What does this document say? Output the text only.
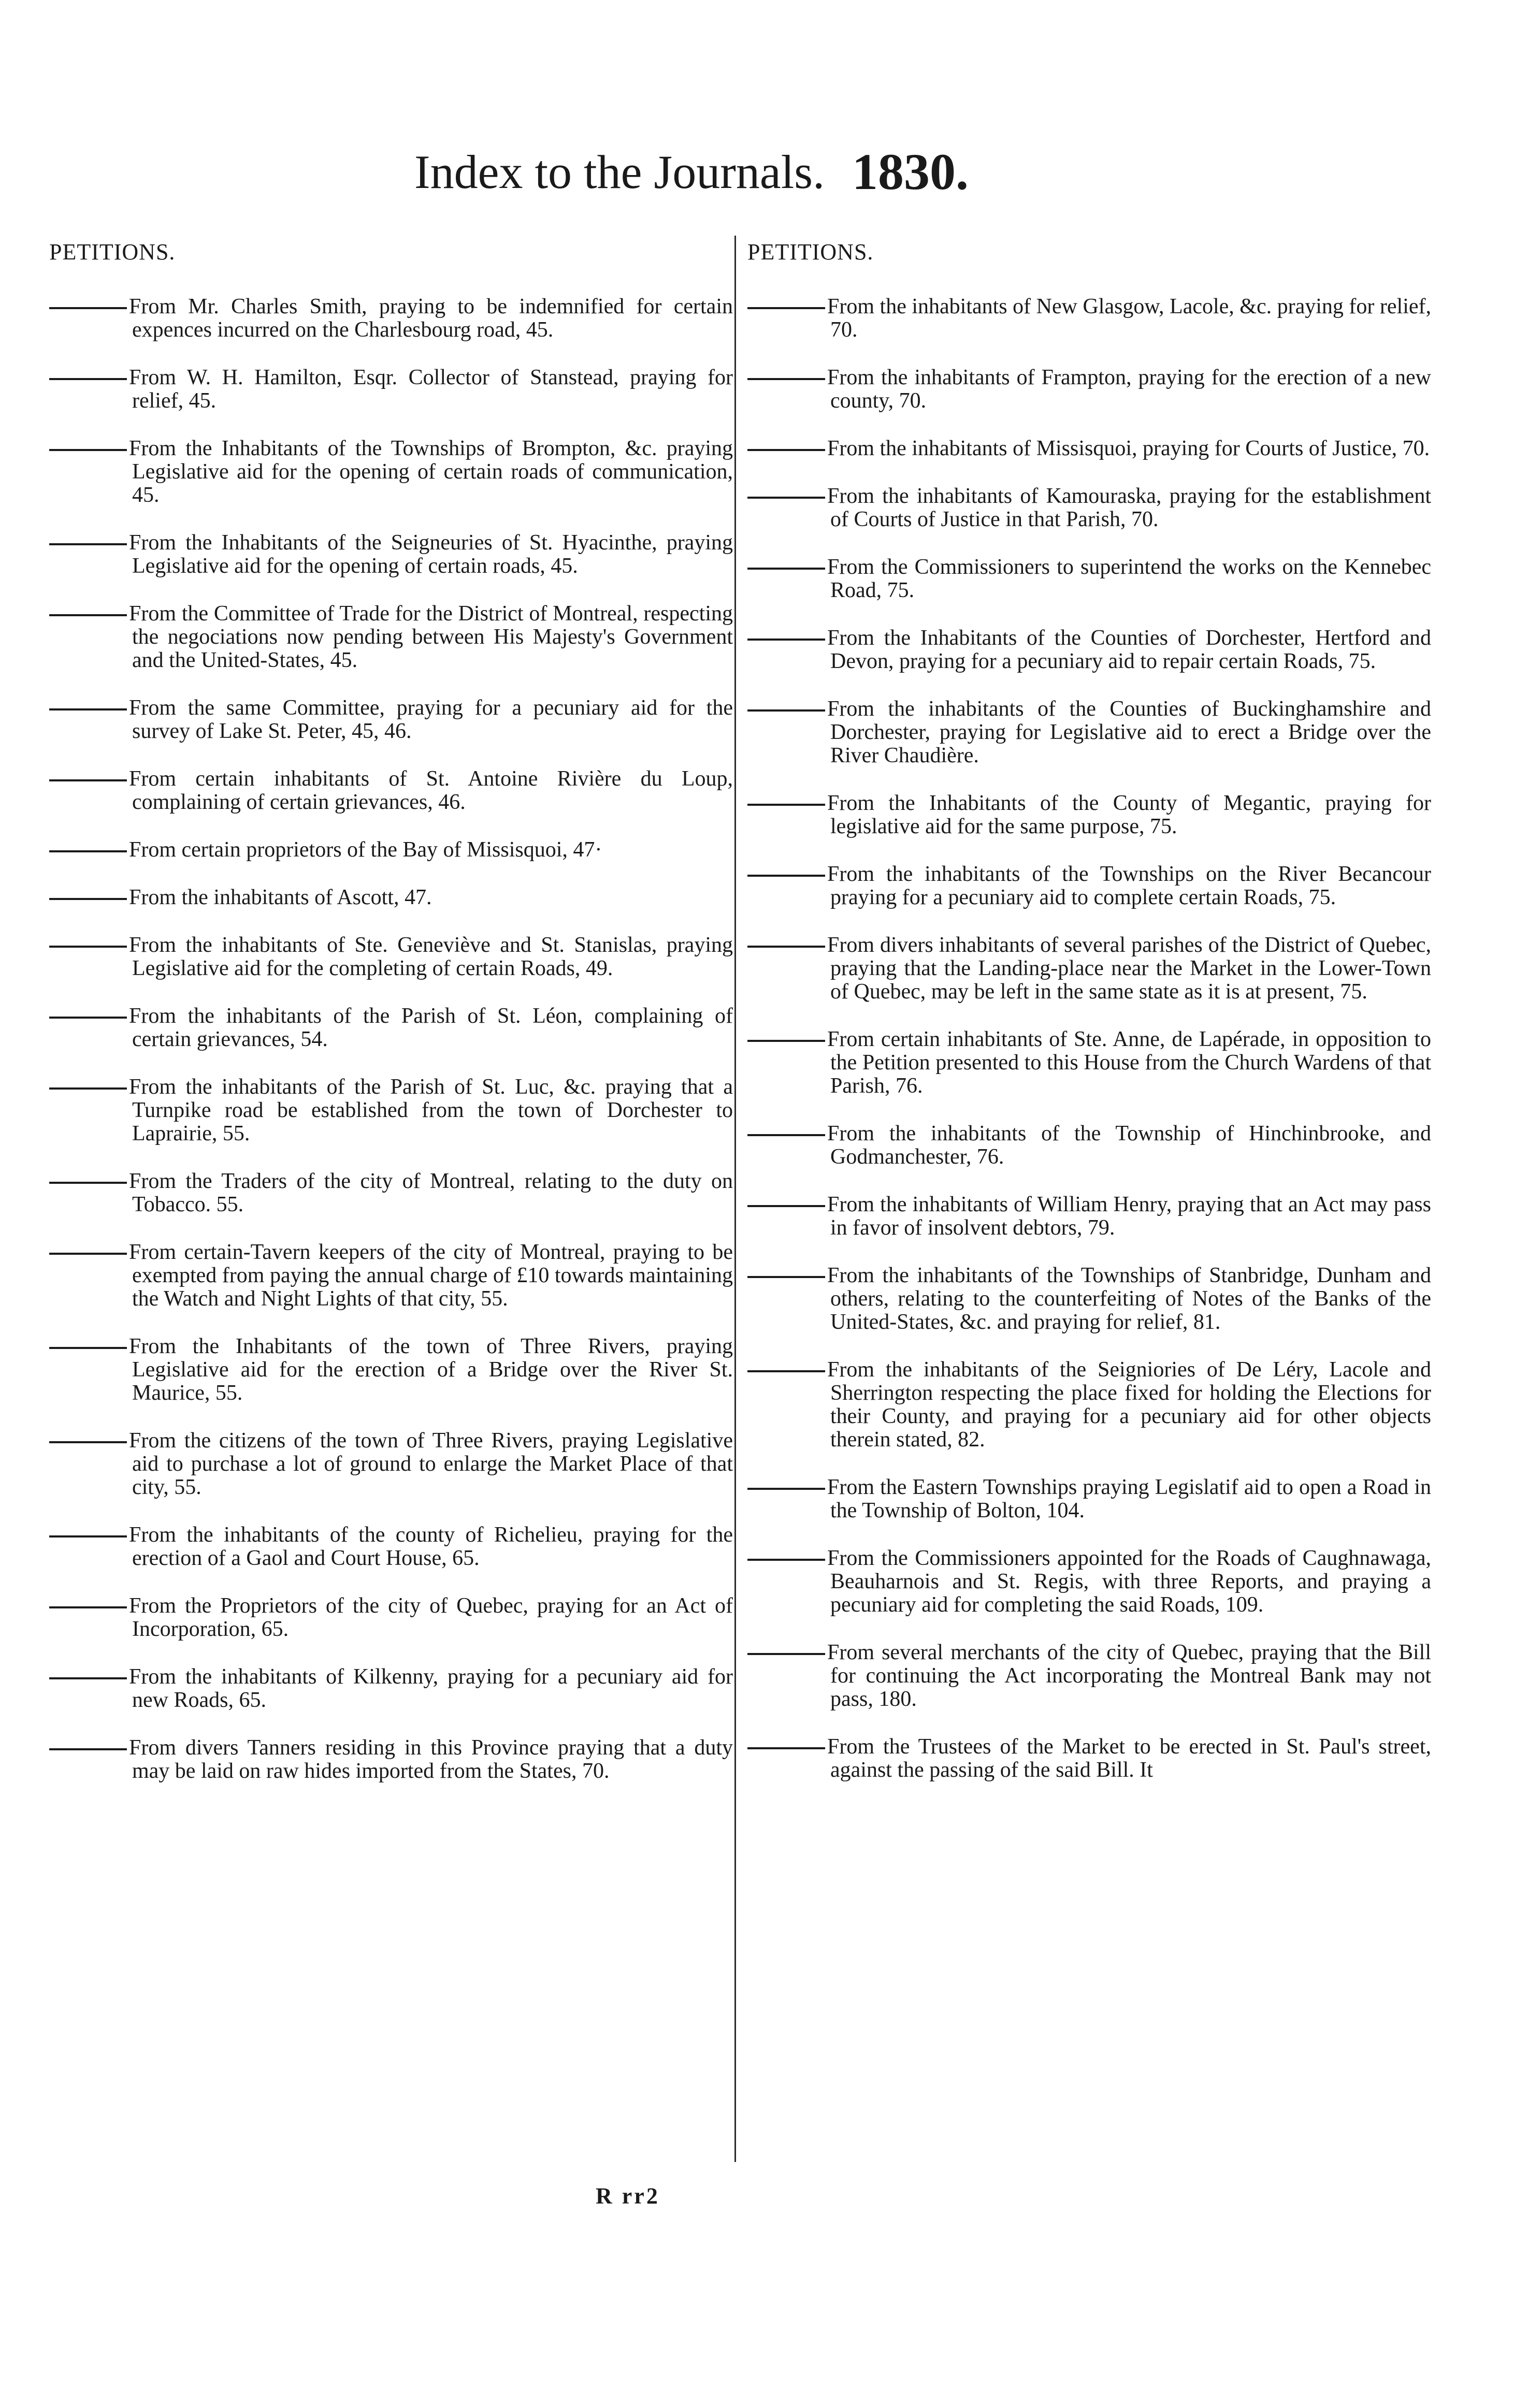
Index to the Journals. 1830.
PETITIONS.
From Mr. Charles Smith, praying to be indemnified for certain expences incurred on the Charlesbourg road, 45.
From W. H. Hamilton, Esqr. Collector of Stanstead, praying for relief, 45.
From the Inhabitants of the Townships of Brompton, &c. praying Legislative aid for the opening of certain roads of communication, 45.
From the Inhabitants of the Seigneuries of St. Hyacinthe, praying Legislative aid for the opening of certain roads, 45.
From the Committee of Trade for the District of Montreal, respecting the negociations now pending between His Majesty's Government and the United-States, 45.
From the same Committee, praying for a pecuniary aid for the survey of Lake St. Peter, 45, 46.
From certain inhabitants of St. Antoine Rivière du Loup, complaining of certain grievances, 46.
From certain proprietors of the Bay of Missisquoi, 47·
From the inhabitants of Ascott, 47.
From the inhabitants of Ste. Geneviève and St. Stanislas, praying Legislative aid for the completing of certain Roads, 49.
From the inhabitants of the Parish of St. Léon, complaining of certain grievances, 54.
From the inhabitants of the Parish of St. Luc, &c. praying that a Turnpike road be established from the town of Dorchester to Laprairie, 55.
From the Traders of the city of Montreal, relating to the duty on Tobacco. 55.
From certain-Tavern keepers of the city of Montreal, praying to be exempted from paying the annual charge of £10 towards maintaining the Watch and Night Lights of that city, 55.
From the Inhabitants of the town of Three Rivers, praying Legislative aid for the erection of a Bridge over the River St. Maurice, 55.
From the citizens of the town of Three Rivers, praying Legislative aid to purchase a lot of ground to enlarge the Market Place of that city, 55.
From the inhabitants of the county of Richelieu, praying for the erection of a Gaol and Court House, 65.
From the Proprietors of the city of Quebec, praying for an Act of Incorporation, 65.
From the inhabitants of Kilkenny, praying for a pecuniary aid for new Roads, 65.
From divers Tanners residing in this Province praying that a duty may be laid on raw hides imported from the States, 70.
PETITIONS.
From the inhabitants of New Glasgow, Lacole, &c. praying for relief, 70.
From the inhabitants of Frampton, praying for the erection of a new county, 70.
From the inhabitants of Missisquoi, praying for Courts of Justice, 70.
From the inhabitants of Kamouraska, praying for the establishment of Courts of Justice in that Parish, 70.
From the Commissioners to superintend the works on the Kennebec Road, 75.
From the Inhabitants of the Counties of Dorchester, Hertford and Devon, praying for a pecuniary aid to repair certain Roads, 75.
From the inhabitants of the Counties of Buckinghamshire and Dorchester, praying for Legislative aid to erect a Bridge over the River Chaudière.
From the Inhabitants of the County of Megantic, praying for legislative aid for the same purpose, 75.
From the inhabitants of the Townships on the River Becancour praying for a pecuniary aid to complete certain Roads, 75.
From divers inhabitants of several parishes of the District of Quebec, praying that the Landing-place near the Market in the Lower-Town of Quebec, may be left in the same state as it is at present, 75.
From certain inhabitants of Ste. Anne, de Lapérade, in opposition to the Petition presented to this House from the Church Wardens of that Parish, 76.
From the inhabitants of the Township of Hinchinbrooke, and Godmanchester, 76.
From the inhabitants of William Henry, praying that an Act may pass in favor of insolvent debtors, 79.
From the inhabitants of the Townships of Stanbridge, Dunham and others, relating to the counterfeiting of Notes of the Banks of the United-States, &c. and praying for relief, 81.
From the inhabitants of the Seigniories of De Léry, Lacole and Sherrington respecting the place fixed for holding the Elections for their County, and praying for a pecuniary aid for other objects therein stated, 82.
From the Eastern Townships praying Legislatif aid to open a Road in the Township of Bolton, 104.
From the Commissioners appointed for the Roads of Caughnawaga, Beauharnois and St. Regis, with three Reports, and praying a pecuniary aid for completing the said Roads, 109.
From several merchants of the city of Quebec, praying that the Bill for continuing the Act incorporating the Montreal Bank may not pass, 180.
From the Trustees of the Market to be erected in St. Paul's street, against the passing of the said Bill. It
R rr2
